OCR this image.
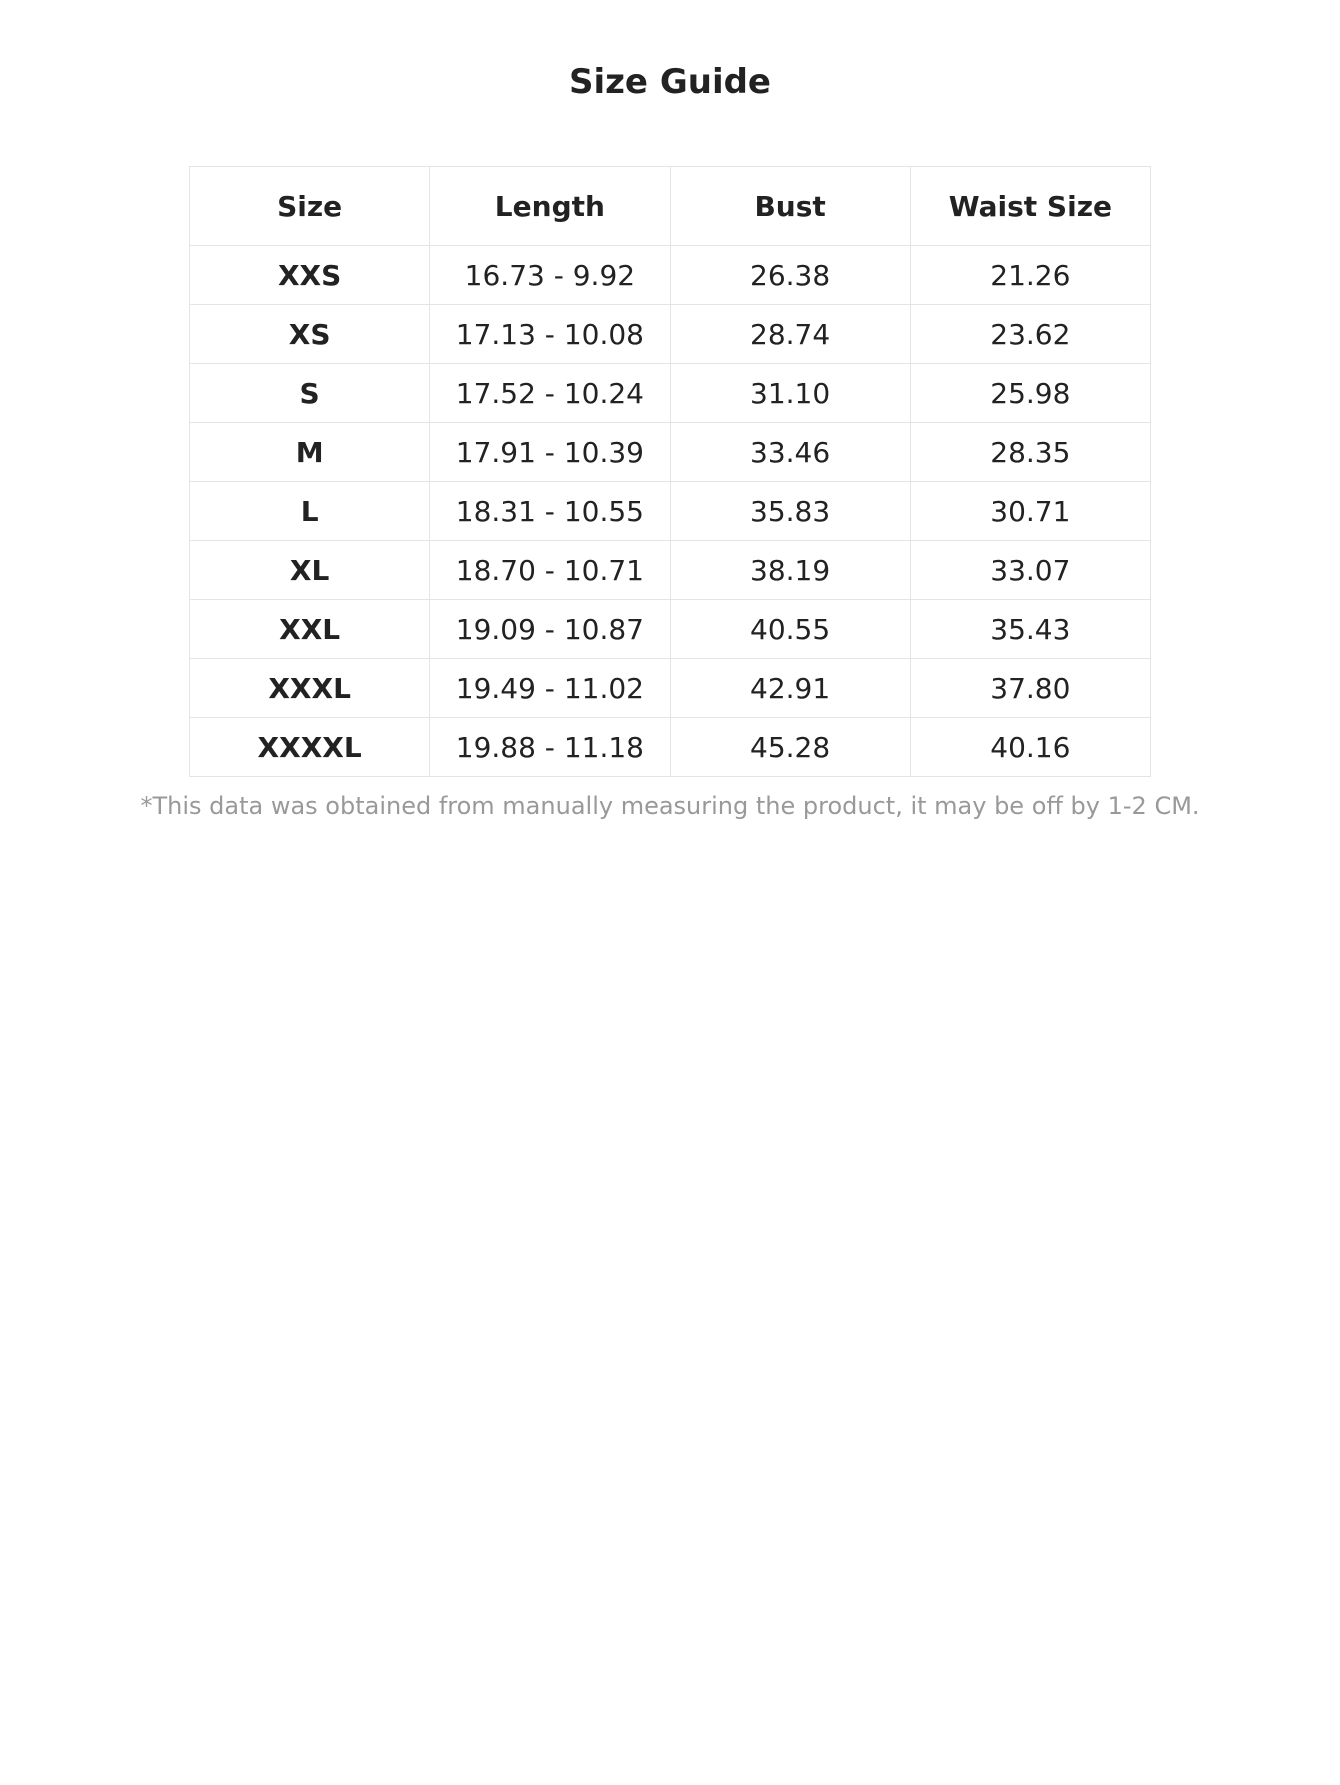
Size Guide
Size	Length	Bust	Waist Size
XXS	16.73 - 9.92	26.38	21.26
XS	17.13 - 10.08	28.74	23.62
S	17.52 - 10.24	31.10	25.98
M	17.91 - 10.39	33.46	28.35
L	18.31 - 10.55	35.83	30.71
XL	18.70 - 10.71	38.19	33.07
XXL	19.09 - 10.87	40.55	35.43
XXXL	19.49 - 11.02	42.91	37.80
XXXXL	19.88 - 11.18	45.28	40.16

*This data was obtained from manually measuring the product, it may be off by 1-2 CM.
